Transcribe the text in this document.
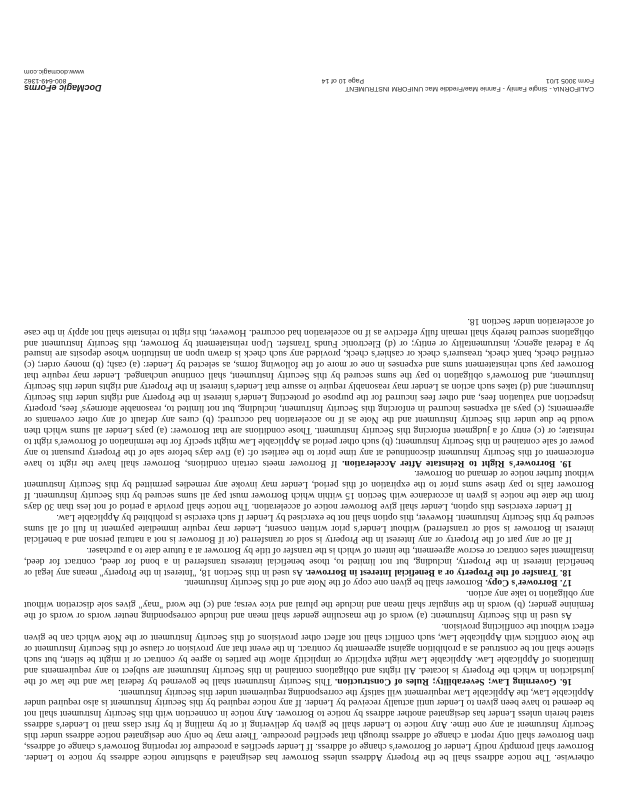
otherwise. The notice address shall be the Property Address unless Borrower has designated a substitute notice address by notice to Lender. Borrower shall promptly notify Lender of Borrower's change of address. If Lender specifies a procedure for reporting Borrower's change of address, then Borrower shall only report a change of address through that specified procedure. There may be only one designated notice address under this Security Instrument at any one time. Any notice to Lender shall be given by delivering it or by mailing it by first class mail to Lender's address stated herein unless Lender has designated another address by notice to Borrower. Any notice in connection with this Security Instrument shall not be deemed to have been given to Lender until actually received by Lender. If any notice required by this Security Instrument is also required under Applicable Law, the Applicable Law requirement will satisfy the corresponding requirement under this Security Instrument.

16. Governing Law; Severability; Rules of Construction. This Security Instrument shall be governed by federal law and the law of the jurisdiction in which the Property is located. All rights and obligations contained in this Security Instrument are subject to any requirements and limitations of Applicable Law. Applicable Law might explicitly or implicitly allow the parties to agree by contract or it might be silent, but such silence shall not be construed as a prohibition against agreement by contract. In the event that any provision or clause of this Security Instrument or the Note conflicts with Applicable Law, such conflict shall not affect other provisions of this Security Instrument or the Note which can be given effect without the conflicting provision.

As used in this Security Instrument: (a) words of the masculine gender shall mean and include corresponding neuter words or words of the feminine gender; (b) words in the singular shall mean and include the plural and vice versa; and (c) the word "may" gives sole discretion without any obligation to take any action.

17. Borrower's Copy. Borrower shall be given one copy of the Note and of this Security Instrument.

18. Transfer of the Property or a Beneficial Interest in Borrower. As used in this Section 18, "Interest in the Property" means any legal or beneficial interest in the Property, including, but not limited to, those beneficial interests transferred in a bond for deed, contract for deed, installment sales contract or escrow agreement, the intent of which is the transfer of title by Borrower at a future date to a purchaser.

If all or any part of the Property or any Interest in the Property is sold or transferred (or if Borrower is not a natural person and a beneficial interest in Borrower is sold or transferred) without Lender's prior written consent, Lender may require immediate payment in full of all sums secured by this Security Instrument. However, this option shall not be exercised by Lender if such exercise is prohibited by Applicable Law.

If Lender exercises this option, Lender shall give Borrower notice of acceleration. The notice shall provide a period of not less than 30 days from the date the notice is given in accordance with Section 15 within which Borrower must pay all sums secured by this Security Instrument. If Borrower fails to pay these sums prior to the expiration of this period, Lender may invoke any remedies permitted by this Security Instrument without further notice or demand on Borrower.

19. Borrower's Right to Reinstate After Acceleration. If Borrower meets certain conditions, Borrower shall have the right to have enforcement of this Security Instrument discontinued at any time prior to the earliest of: (a) five days before sale of the Property pursuant to any power of sale contained in this Security Instrument; (b) such other period as Applicable Law might specify for the termination of Borrower's right to reinstate; or (c) entry of a judgment enforcing this Security Instrument. Those conditions are that Borrower: (a) pays Lender all sums which then would be due under this Security Instrument and the Note as if no acceleration had occurred; (b) cures any default of any other covenants or agreements; (c) pays all expenses incurred in enforcing this Security Instrument, including, but not limited to, reasonable attorneys' fees, property inspection and valuation fees, and other fees incurred for the purpose of protecting Lender's interest in the Property and rights under this Security Instrument; and (d) takes such action as Lender may reasonably require to assure that Lender's interest in the Property and rights under this Security Instrument, and Borrower's obligation to pay the sums secured by this Security Instrument, shall continue unchanged. Lender may require that Borrower pay such reinstatement sums and expenses in one or more of the following forms, as selected by Lender: (a) cash; (b) money order; (c) certified check, bank check, treasurer's check or cashier's check, provided any such check is drawn upon an institution whose deposits are insured by a federal agency, instrumentality or entity; or (d) Electronic Funds Transfer. Upon reinstatement by Borrower, this Security Instrument and obligations secured hereby shall remain fully effective as if no acceleration had occurred. However, this right to reinstate shall not apply in the case of acceleration under Section 18.

CALIFORNIA - Single Family - Fannie Mae/Freddie Mac UNIFORM INSTRUMENT
Form 3005 1/01
Page 10 of 14
DocMagic eForms
800-649-1362
www.docmagic.com
